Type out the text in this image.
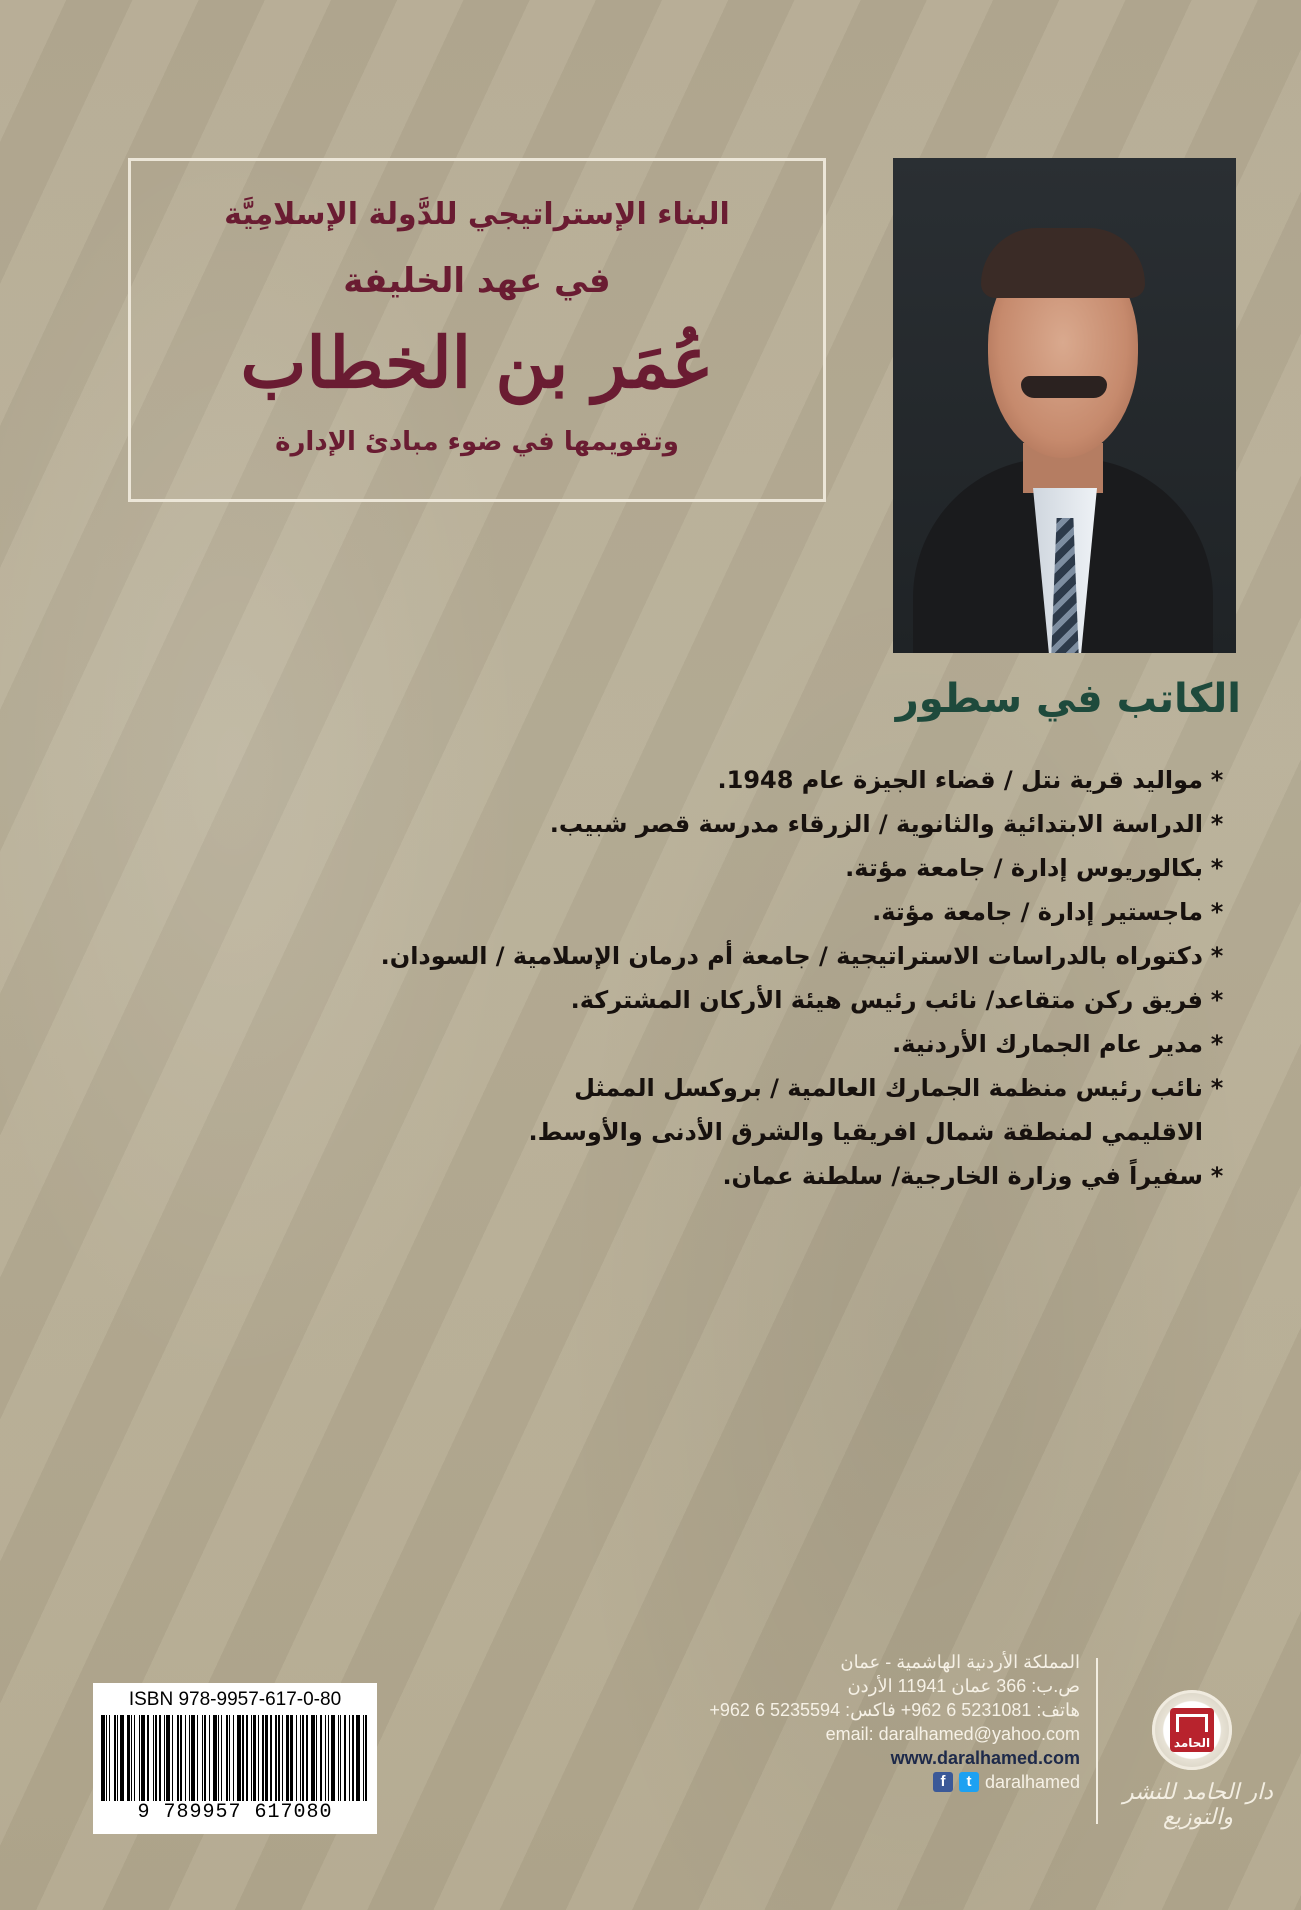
البناء الإستراتيجي للدَّولة الإسلامِيَّة
في عهد الخليفة
عُمَر بن الخطاب
وتقويمها في ضوء مبادئ الإدارة
الكاتب في سطور
*مواليد قرية نتل / قضاء الجيزة عام 1948.
*الدراسة الابتدائية والثانوية / الزرقاء مدرسة قصر شبيب.
*بكالوريوس إدارة / جامعة مؤتة.
*ماجستير إدارة / جامعة مؤتة.
*دكتوراه بالدراسات الاستراتيجية / جامعة أم درمان الإسلامية / السودان.
*فريق ركن متقاعد/ نائب رئيس هيئة الأركان المشتركة.
*مدير عام الجمارك الأردنية.
*نائب رئيس منظمة الجمارك العالمية / بروكسل الممثل
الاقليمي لمنطقة شمال افريقيا والشرق الأدنى والأوسط.
*سفيراً في وزارة الخارجية/ سلطنة عمان.
ISBN 978-9957-617-0-80
9 789957 617080
المملكة الأردنية الهاشمية - عمان
ص.ب: 366 عمان 11941 الأردن
هاتف: 5231081 6 962+ فاكس: 5235594 6 962+
email: daralhamed@yahoo.com
www.daralhamed.com
daralhamed
t
f
الحامد
دار الحامد للنشر والتوزيع
